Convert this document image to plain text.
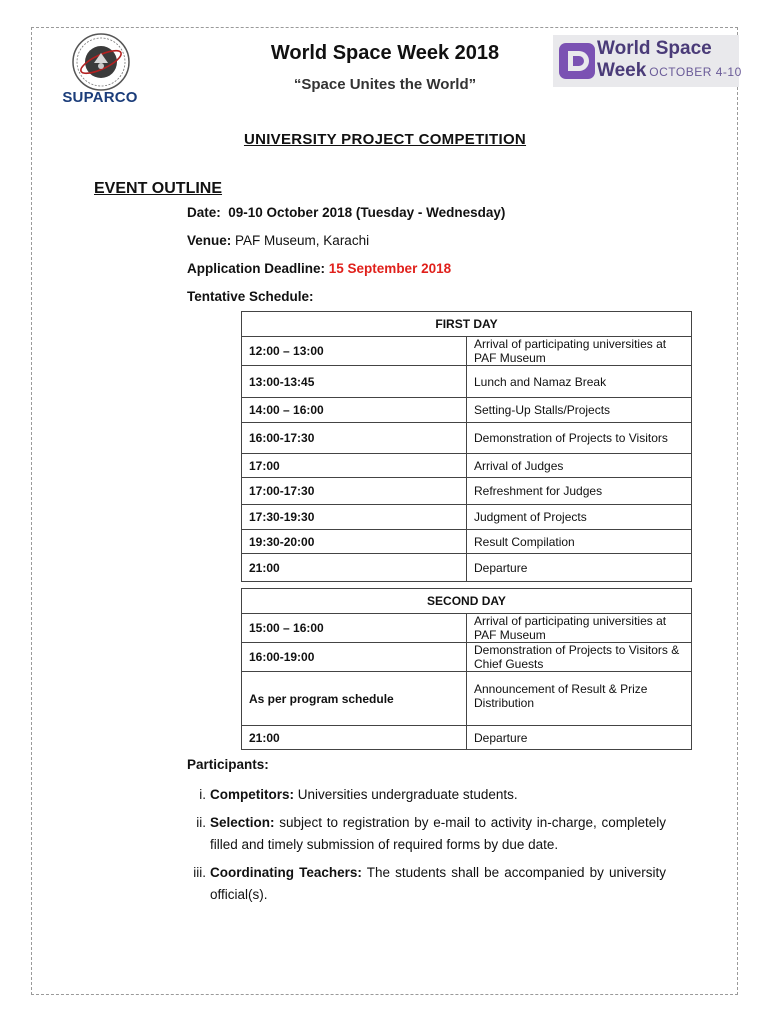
SUPARCO
World Space Week 2018
“Space Unites the World”
World Space
Week OCTOBER 4-10
UNIVERSITY PROJECT COMPETITION
EVENT OUTLINE
Date: 09-10 October 2018 (Tuesday - Wednesday)
Venue: PAF Museum, Karachi
Application Deadline: 15 September 2018
Tentative Schedule:
FIRST DAY	
12:00 – 13:00	Arrival of participating universities at PAF Museum
13:00-13:45	Lunch and Namaz Break
14:00 – 16:00	Setting-Up Stalls/Projects
16:00-17:30	Demonstration of Projects to Visitors
17:00	Arrival of Judges
17:00-17:30	Refreshment for Judges
17:30-19:30	Judgment of Projects
19:30-20:00	Result Compilation
21:00	Departure
SECOND DAY	
15:00 – 16:00	Arrival of participating universities at PAF Museum
16:00-19:00	Demonstration of Projects to Visitors & Chief Guests
As per program schedule	Announcement of Result & Prize Distribution
21:00	Departure
Participants:
i. Competitors: Universities undergraduate students.
ii. Selection: subject to registration by e-mail to activity in-charge, completely filled and timely submission of required forms by due date.
iii. Coordinating Teachers: The students shall be accompanied by university official(s).
